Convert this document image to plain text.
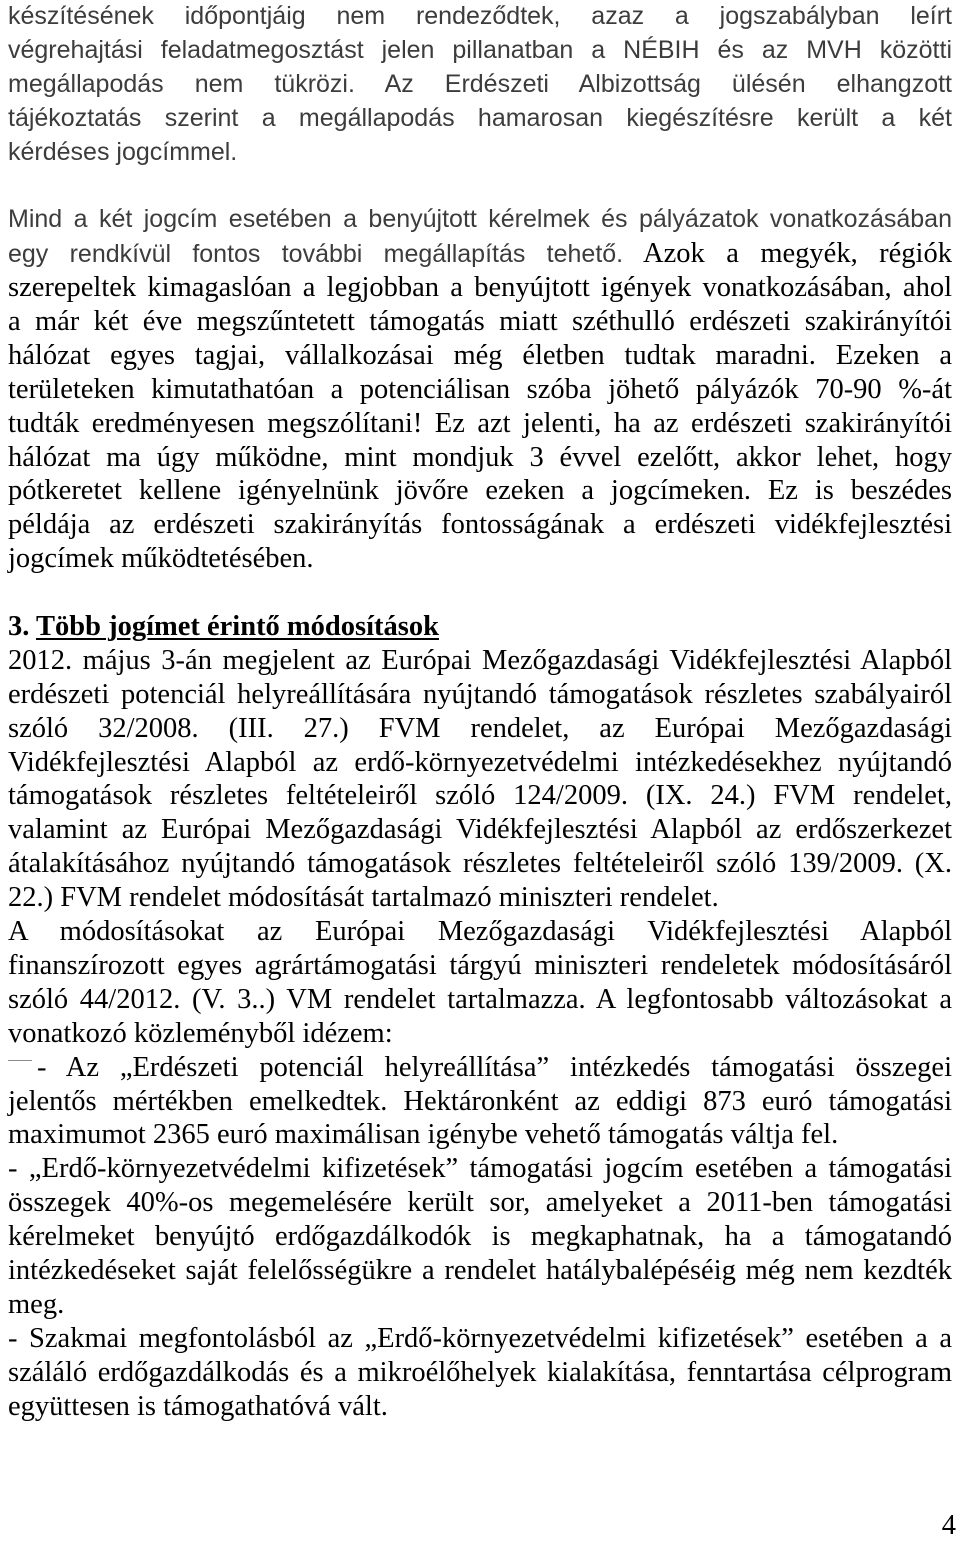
készítésének időpontjáig nem rendeződtek, azaz a jogszabályban leírt
végrehajtási feladatmegosztást jelen pillanatban a NÉBIH és az MVH közötti
megállapodás nem tükrözi. Az Erdészeti Albizottság ülésén elhangzott
tájékoztatás szerint a megállapodás hamarosan kiegészítésre került a két
kérdéses jogcímmel.
Mind a két jogcím esetében a benyújtott kérelmek és pályázatok vonatkozásában
egy rendkívül fontos további megállapítás tehető. Azok a megyék, régiók
szerepeltek kimagaslóan a legjobban a benyújtott igények vonatkozásában, ahol
a már két éve megszűntetett támogatás miatt széthulló erdészeti szakirányítói
hálózat egyes tagjai, vállalkozásai még életben tudtak maradni. Ezeken a
területeken kimutathatóan a potenciálisan szóba jöhető pályázók 70-90 %-át
tudták eredményesen megszólítani! Ez azt jelenti, ha az erdészeti szakirányítói
hálózat ma úgy működne, mint mondjuk 3 évvel ezelőtt, akkor lehet, hogy
pótkeretet kellene igényelnünk jövőre ezeken a jogcímeken. Ez is beszédes
példája az erdészeti szakirányítás fontosságának a erdészeti vidékfejlesztési
jogcímek működtetésében.
3. Több jogímet érintő módosítások
2012. május 3-án megjelent az Európai Mezőgazdasági Vidékfejlesztési Alapból
erdészeti potenciál helyreállítására nyújtandó támogatások részletes szabályairól
szóló 32/2008. (III. 27.) FVM rendelet, az Európai Mezőgazdasági
Vidékfejlesztési Alapból az erdő-környezetvédelmi intézkedésekhez nyújtandó
támogatások részletes feltételeiről szóló 124/2009. (IX. 24.) FVM rendelet,
valamint az Európai Mezőgazdasági Vidékfejlesztési Alapból az erdőszerkezet
átalakításához nyújtandó támogatások részletes feltételeiről szóló 139/2009. (X.
22.) FVM rendelet módosítását tartalmazó miniszteri rendelet.
A módosításokat az Európai Mezőgazdasági Vidékfejlesztési Alapból
finanszírozott egyes agrártámogatási tárgyú miniszteri rendeletek módosításáról
szóló 44/2012. (V. 3..) VM rendelet tartalmazza. A legfontosabb változásokat a
vonatkozó közleményből idézem:
- Az „Erdészeti potenciál helyreállítása” intézkedés támogatási összegei
jelentős mértékben emelkedtek. Hektáronként az eddigi 873 euró támogatási
maximumot 2365 euró maximálisan igénybe vehető támogatás váltja fel.
- „Erdő-környezetvédelmi kifizetések” támogatási jogcím esetében a támogatási
összegek 40%-os megemelésére került sor, amelyeket a 2011-ben támogatási
kérelmeket benyújtó erdőgazdálkodók is megkaphatnak, ha a támogatandó
intézkedéseket saját felelősségükre a rendelet hatálybalépéséig még nem kezdték
meg.
- Szakmai megfontolásból az „Erdő-környezetvédelmi kifizetések” esetében a a
száláló erdőgazdálkodás és a mikroélőhelyek kialakítása, fenntartása célprogram
együttesen is támogathatóvá vált.
4
